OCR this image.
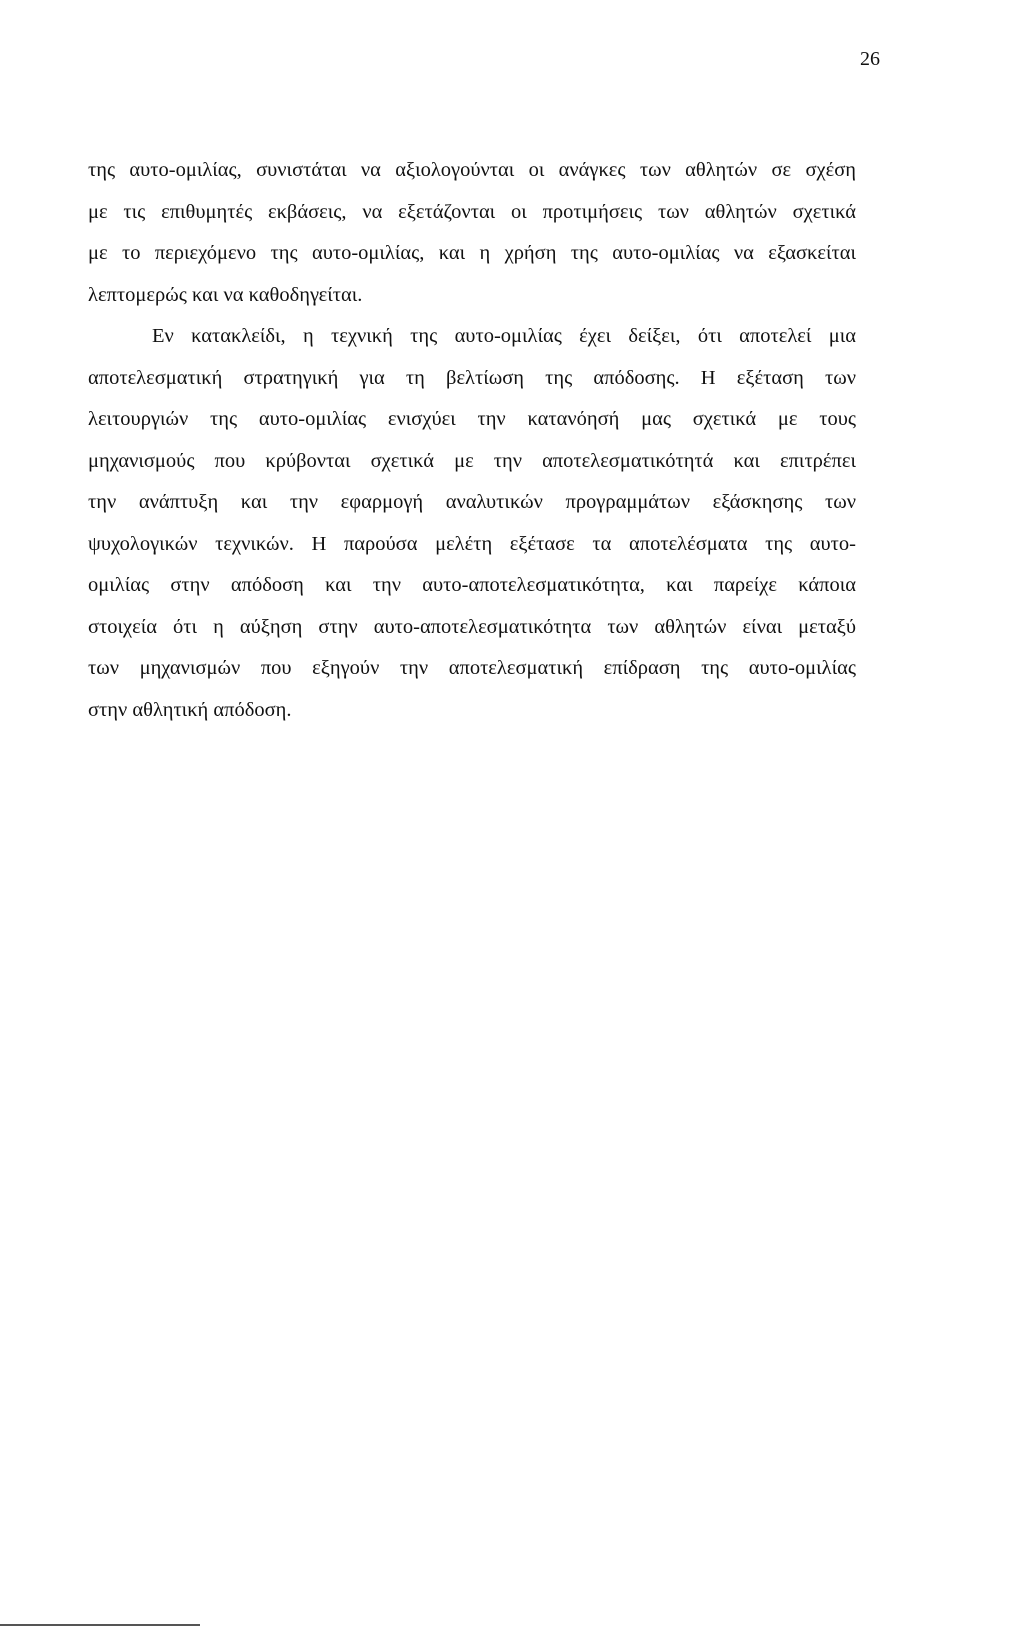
26

της αυτο-ομιλίας, συνιστάται να αξιολογούνται οι ανάγκες των αθλητών σε σχέση
με τις επιθυμητές εκβάσεις, να εξετάζονται οι προτιμήσεις των αθλητών σχετικά
με το περιεχόμενο της αυτο-ομιλίας, και η χρήση της αυτο-ομιλίας να εξασκείται
λεπτομερώς και να καθοδηγείται.
Εν κατακλείδι, η τεχνική της αυτο-ομιλίας έχει δείξει, ότι αποτελεί μια
αποτελεσματική στρατηγική για τη βελτίωση της απόδοσης. Η εξέταση των
λειτουργιών της αυτο-ομιλίας ενισχύει την κατανόησή μας σχετικά με τους
μηχανισμούς που κρύβονται σχετικά με την αποτελεσματικότητά και επιτρέπει
την ανάπτυξη και την εφαρμογή αναλυτικών προγραμμάτων εξάσκησης των
ψυχολογικών τεχνικών. Η παρούσα μελέτη εξέτασε τα αποτελέσματα της αυτο-
ομιλίας στην απόδοση και την αυτο-αποτελεσματικότητα, και παρείχε κάποια
στοιχεία ότι η αύξηση στην αυτο-αποτελεσματικότητα των αθλητών είναι μεταξύ
των μηχανισμών που εξηγούν την αποτελεσματική επίδραση της αυτο-ομιλίας
στην αθλητική απόδοση.
